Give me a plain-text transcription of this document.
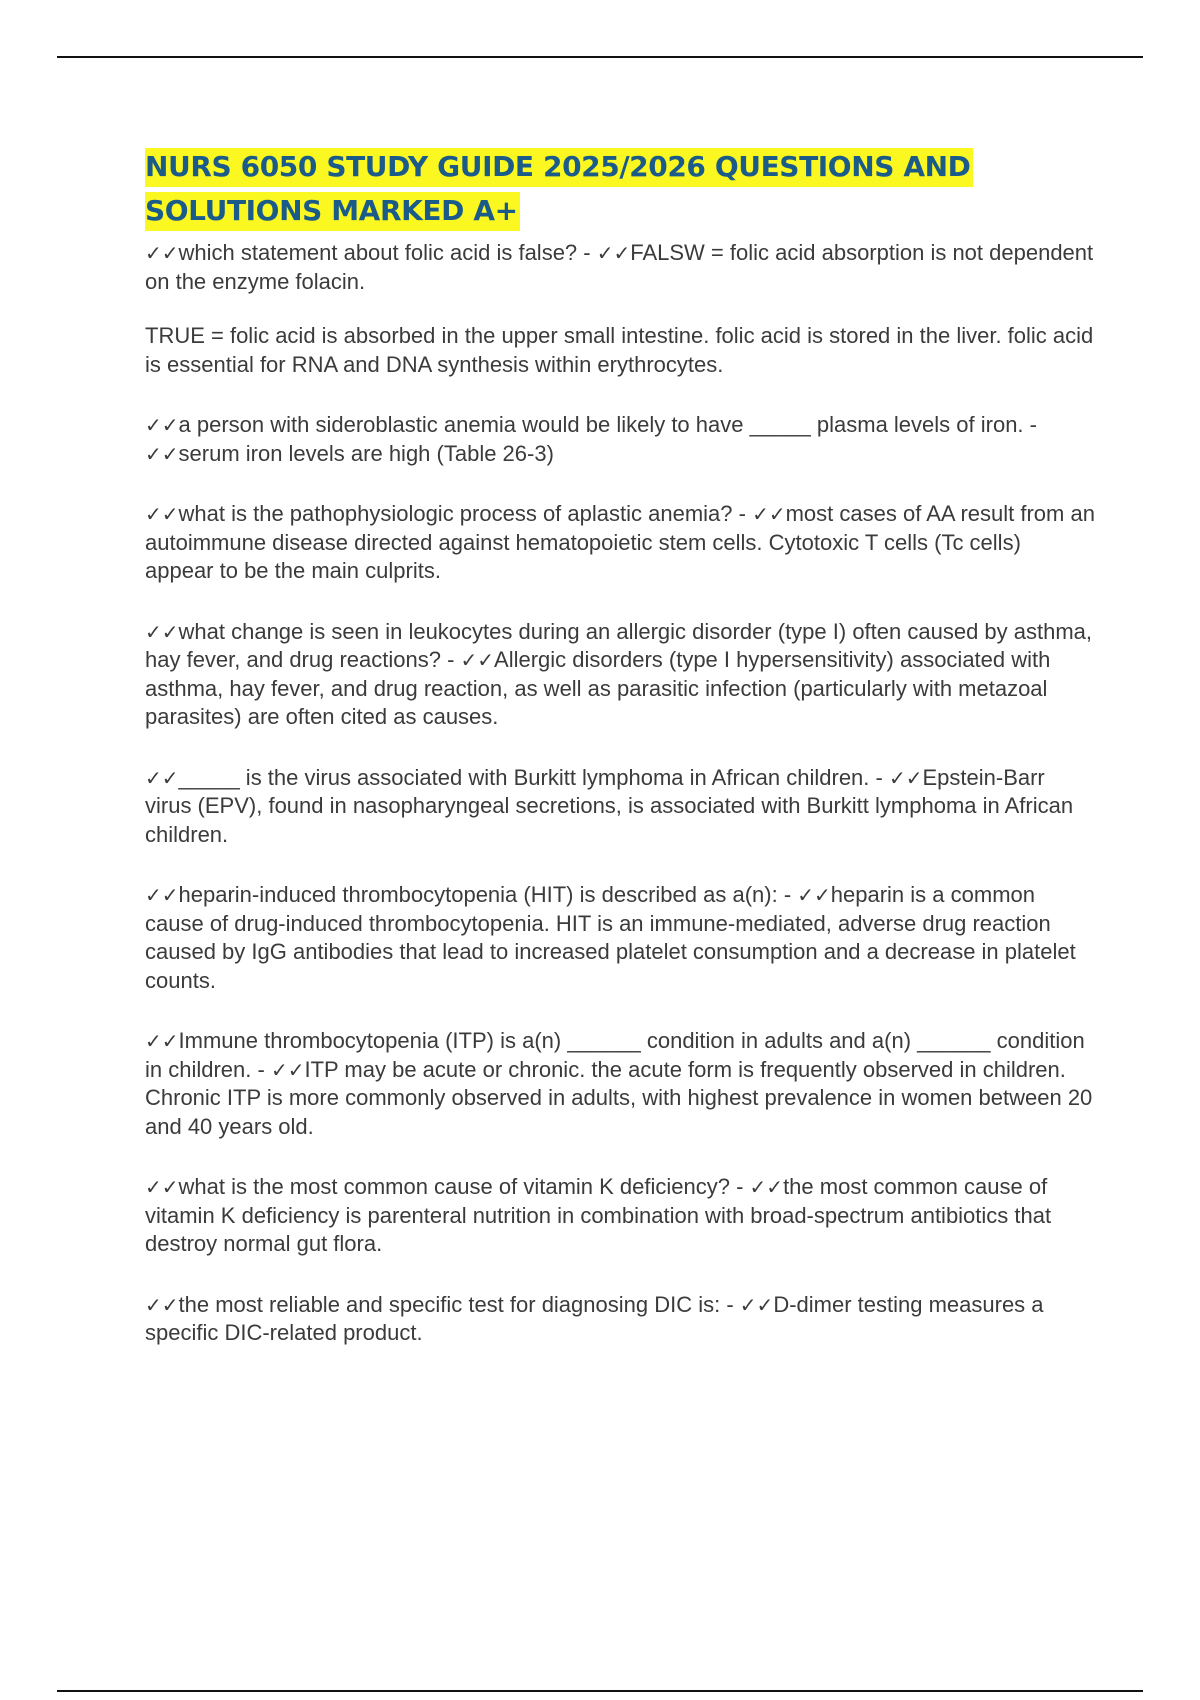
NURS 6050 STUDY GUIDE 2025/2026 QUESTIONS AND SOLUTIONS MARKED A+

✓✓which statement about folic acid is false? - ✓✓FALSW = folic acid absorption is not dependent on the enzyme folacin.

TRUE = folic acid is absorbed in the upper small intestine. folic acid is stored in the liver. folic acid is essential for RNA and DNA synthesis within erythrocytes.

✓✓a person with sideroblastic anemia would be likely to have _____ plasma levels of iron. - ✓✓serum iron levels are high (Table 26-3)

✓✓what is the pathophysiologic process of aplastic anemia? - ✓✓most cases of AA result from an autoimmune disease directed against hematopoietic stem cells. Cytotoxic T cells (Tc cells) appear to be the main culprits.

✓✓what change is seen in leukocytes during an allergic disorder (type I) often caused by asthma, hay fever, and drug reactions? - ✓✓Allergic disorders (type I hypersensitivity) associated with asthma, hay fever, and drug reaction, as well as parasitic infection (particularly with metazoal parasites) are often cited as causes.

✓✓_____ is the virus associated with Burkitt lymphoma in African children. - ✓✓Epstein-Barr virus (EPV), found in nasopharyngeal secretions, is associated with Burkitt lymphoma in African children.

✓✓heparin-induced thrombocytopenia (HIT) is described as a(n): - ✓✓heparin is a common cause of drug-induced thrombocytopenia. HIT is an immune-mediated, adverse drug reaction caused by IgG antibodies that lead to increased platelet consumption and a decrease in platelet counts.

✓✓Immune thrombocytopenia (ITP) is a(n) ______ condition in adults and a(n) ______ condition in children. - ✓✓ITP may be acute or chronic. the acute form is frequently observed in children. Chronic ITP is more commonly observed in adults, with highest prevalence in women between 20 and 40 years old.

✓✓what is the most common cause of vitamin K deficiency? - ✓✓the most common cause of vitamin K deficiency is parenteral nutrition in combination with broad-spectrum antibiotics that destroy normal gut flora.

✓✓the most reliable and specific test for diagnosing DIC is: - ✓✓D-dimer testing measures a specific DIC-related product.
